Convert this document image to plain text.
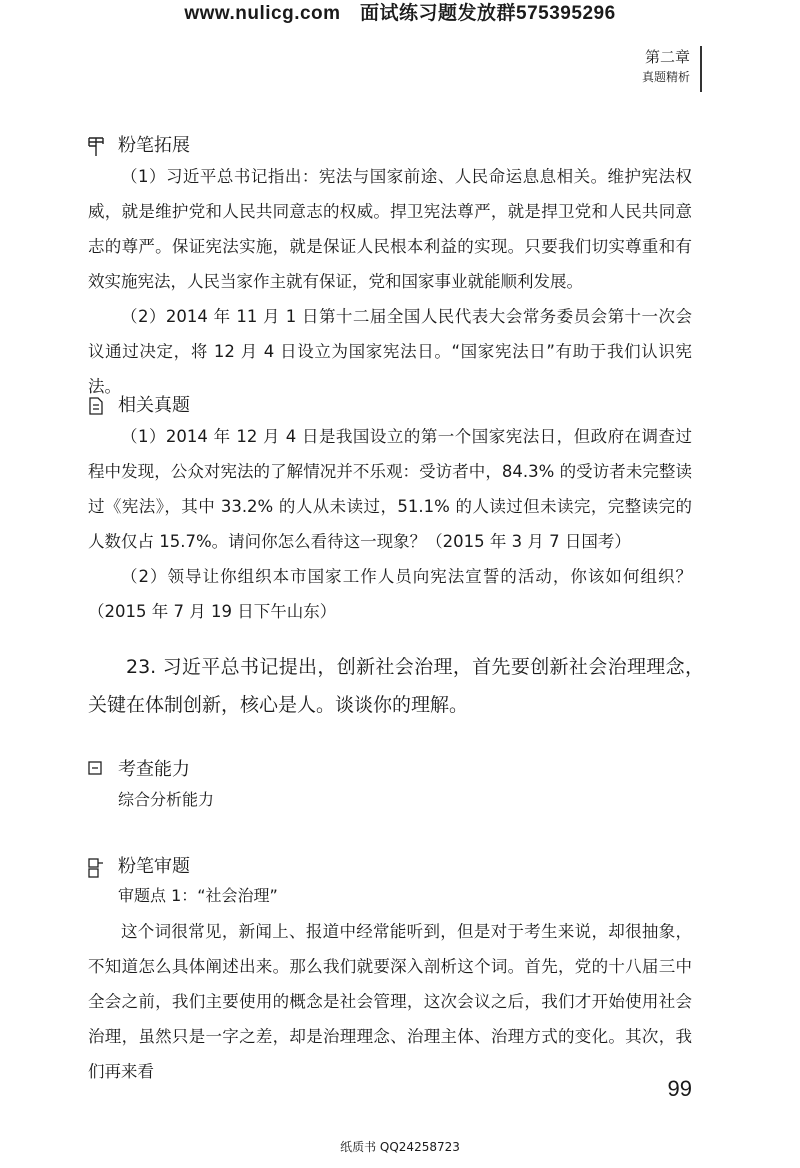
www.nulicg.com　面试练习题发放群575395296
第二章
真题精析
粉笔拓展

（1）习近平总书记指出：宪法与国家前途、人民命运息息相关。维护宪法权威，就是维护党和人民共同意志的权威。捍卫宪法尊严，就是捍卫党和人民共同意志的尊严。保证宪法实施，就是保证人民根本利益的实现。只要我们切实尊重和有效实施宪法，人民当家作主就有保证，党和国家事业就能顺利发展。

（2）2014 年 11 月 1 日第十二届全国人民代表大会常务委员会第十一次会议通过决定，将 12 月 4 日设立为国家宪法日。“国家宪法日”有助于我们认识宪法。

相关真题

（1）2014 年 12 月 4 日是我国设立的第一个国家宪法日，但政府在调查过程中发现，公众对宪法的了解情况并不乐观：受访者中，84.3% 的受访者未完整读过《宪法》，其中 33.2% 的人从未读过，51.1% 的人读过但未读完，完整读完的人数仅占 15.7%。请问你怎么看待这一现象？（2015 年 3 月 7 日国考）

（2）领导让你组织本市国家工作人员向宪法宣誓的活动，你该如何组织？（2015 年 7 月 19 日下午山东）

23. 习近平总书记提出，创新社会治理，首先要创新社会治理理念，关键在体制创新，核心是人。谈谈你的理解。

考查能力
综合分析能力
粉笔审题
审题点 1：“社会治理”

这个词很常见，新闻上、报道中经常能听到，但是对于考生来说，却很抽象，不知道怎么具体阐述出来。那么我们就要深入剖析这个词。首先，党的十八届三中全会之前，我们主要使用的概念是社会管理，这次会议之后，我们才开始使用社会治理，虽然只是一字之差，却是治理理念、治理主体、治理方式的变化。其次，我们再来看

99
纸质书 QQ24258723
